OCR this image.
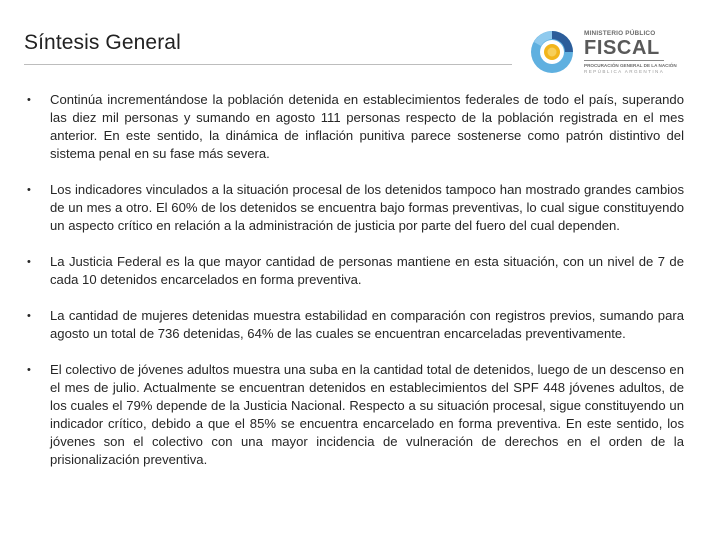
Síntesis General	MINISTERIO PÚBLICO
FISCAL
PROCURACIÓN GENERAL DE LA NACIÓN
REPÚBLICA ARGENTINA
• Continúa incrementándose la población detenida en establecimientos federales de todo el país, superando las diez mil personas y sumando en agosto 111 personas respecto de la población registrada en el mes anterior. En este sentido, la dinámica de inflación punitiva parece sostenerse como patrón distintivo del sistema penal en su fase más severa.
• Los indicadores vinculados a la situación procesal de los detenidos tampoco han mostrado grandes cambios de un mes a otro. El 60% de los detenidos se encuentra bajo formas preventivas, lo cual sigue constituyendo un aspecto crítico en relación a la administración de justicia por parte del fuero del cual dependen.
• La Justicia Federal es la que mayor cantidad de personas mantiene en esta situación, con un nivel de 7 de cada 10 detenidos encarcelados en forma preventiva.
• La cantidad de mujeres detenidas muestra estabilidad en comparación con registros previos, sumando para agosto un total de 736 detenidas, 64% de las cuales se encuentran encarceladas preventivamente.
• El colectivo de jóvenes adultos muestra una suba en la cantidad total de detenidos, luego de un descenso en el mes de julio. Actualmente se encuentran detenidos en establecimientos del SPF 448 jóvenes adultos, de los cuales el 79% depende de la Justicia Nacional. Respecto a su situación procesal, sigue constituyendo un indicador crítico, debido a que el 85% se encuentra encarcelado en forma preventiva. En este sentido, los jóvenes son el colectivo con una mayor incidencia de vulneración de derechos en el orden de la prisionalización preventiva.
